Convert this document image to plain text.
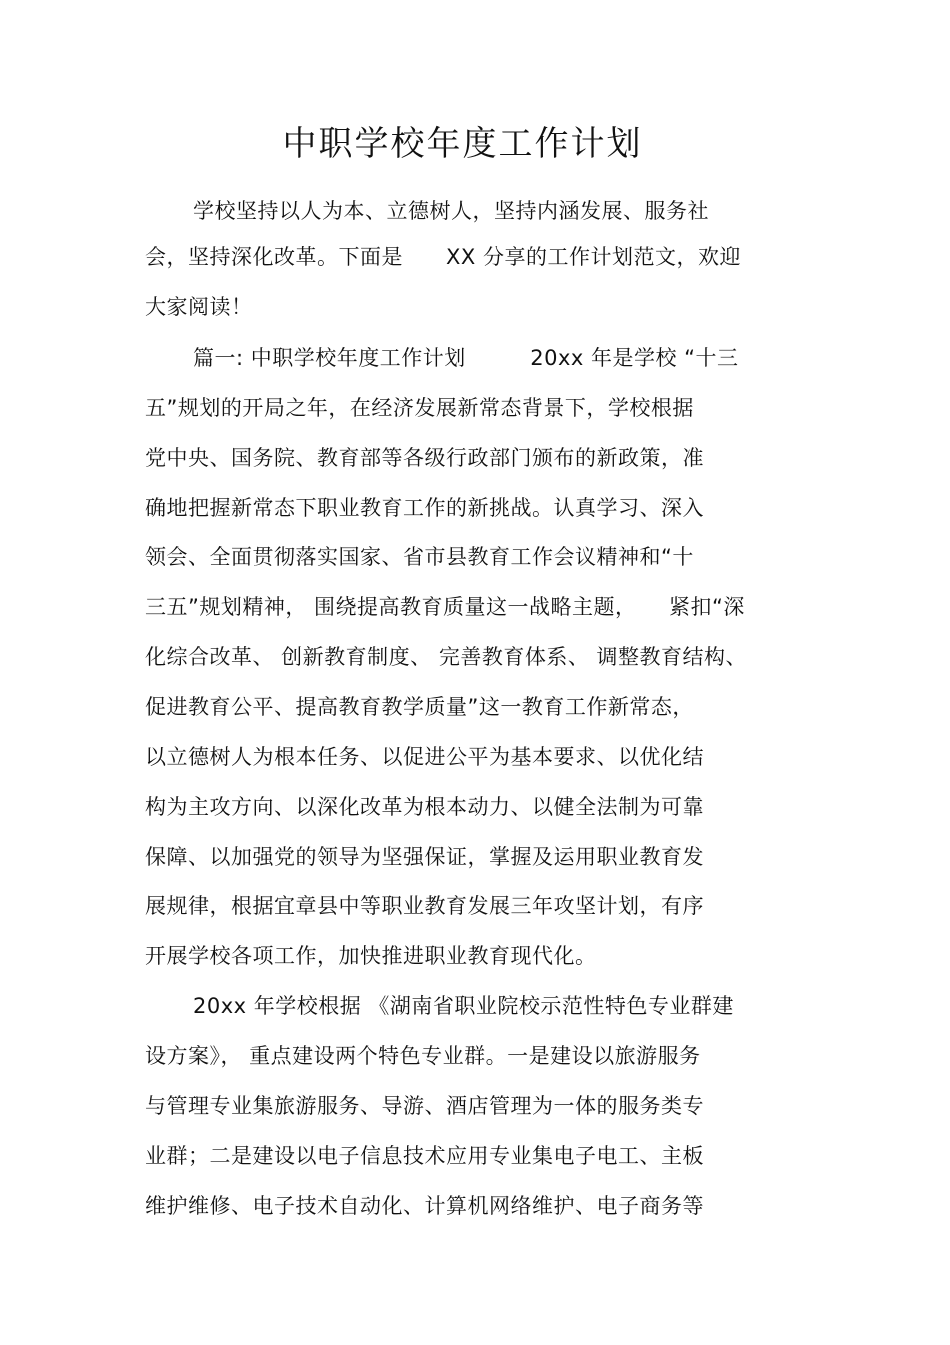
中职学校年度工作计划
学校坚持以人为本、立德树人，坚持内涵发展、服务社
会，坚持深化改革。下面是　　XX 分享的工作计划范文，欢迎
大家阅读！
篇一: 中职学校年度工作计划　　　20xx 年是学校 “十三
五”规划的开局之年，在经济发展新常态背景下，学校根据
党中央、国务院、教育部等各级行政部门颁布的新政策，准
确地把握新常态下职业教育工作的新挑战。认真学习、深入
领会、全面贯彻落实国家、省市县教育工作会议精神和“十
三五”规划精神， 围绕提高教育质量这一战略主题，　　紧扣“深
化综合改革、 创新教育制度、 完善教育体系、 调整教育结构、
促进教育公平、提高教育教学质量”这一教育工作新常态，
以立德树人为根本任务、以促进公平为基本要求、以优化结
构为主攻方向、以深化改革为根本动力、以健全法制为可靠
保障、以加强党的领导为坚强保证，掌握及运用职业教育发
展规律，根据宜章县中等职业教育发展三年攻坚计划，有序
开展学校各项工作，加快推进职业教育现代化。
20xx 年学校根据 《湖南省职业院校示范性特色专业群建
设方案》， 重点建设两个特色专业群。一是建设以旅游服务
与管理专业集旅游服务、导游、酒店管理为一体的服务类专
业群；二是建设以电子信息技术应用专业集电子电工、主板
维护维修、电子技术自动化、计算机网络维护、电子商务等
